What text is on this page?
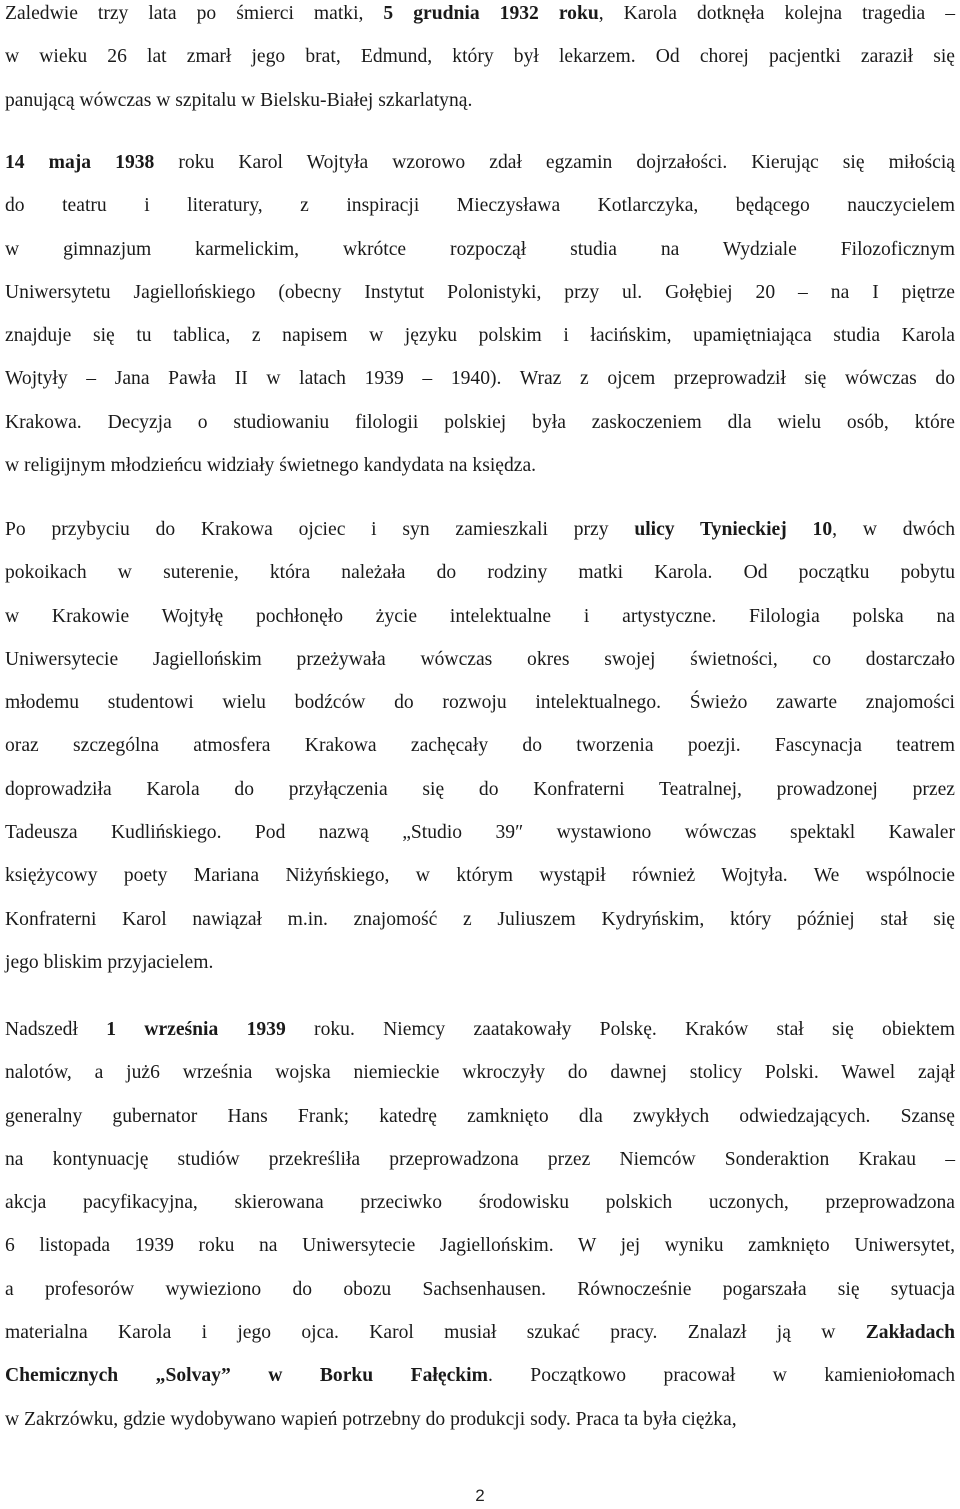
Zaledwie trzy lata po śmierci matki, 5 grudnia 1932 roku, Karola dotknęła kolejna tragedia –
w wieku 26 lat zmarł jego brat, Edmund, który był lekarzem. Od chorej pacjentki zaraził się
panującą wówczas w szpitalu w Bielsku-Białej szkarlatyną.
14 maja 1938 roku Karol Wojtyła wzorowo zdał egzamin dojrzałości. Kierując się miłością
do teatru i literatury, z inspiracji Mieczysława Kotlarczyka, będącego nauczycielem
w gimnazjum karmelickim, wkrótce rozpoczął studia na Wydziale Filozoficznym
Uniwersytetu Jagiellońskiego (obecny Instytut Polonistyki, przy ul. Gołębiej 20 – na I piętrze
znajduje się tu tablica, z napisem w języku polskim i łacińskim, upamiętniająca studia Karola
Wojtyły – Jana Pawła II w latach 1939 – 1940). Wraz z ojcem przeprowadził się wówczas do
Krakowa. Decyzja o studiowaniu filologii polskiej była zaskoczeniem dla wielu osób, które
w religijnym młodzieńcu widziały świetnego kandydata na księdza.
Po przybyciu do Krakowa ojciec i syn zamieszkali przy ulicy Tynieckiej 10, w dwóch
pokoikach w suterenie, która należała do rodziny matki Karola. Od początku pobytu
w Krakowie Wojtyłę pochłonęło życie intelektualne i artystyczne. Filologia polska na
Uniwersytecie Jagiellońskim przeżywała wówczas okres swojej świetności, co dostarczało
młodemu studentowi wielu bodźców do rozwoju intelektualnego. Świeżo zawarte znajomości
oraz szczególna atmosfera Krakowa zachęcały do tworzenia poezji. Fascynacja teatrem
doprowadziła Karola do przyłączenia się do Konfraterni Teatralnej, prowadzonej przez
Tadeusza Kudlińskiego. Pod nazwą „Studio 39″ wystawiono wówczas spektakl Kawaler
księżycowy poety Mariana Niżyńskiego, w którym wystąpił również Wojtyła. We wspólnocie
Konfraterni Karol nawiązał m.in. znajomość z Juliuszem Kydryńskim, który później stał się
jego bliskim przyjacielem.
Nadszedł 1 września 1939 roku. Niemcy zaatakowały Polskę. Kraków stał się obiektem
nalotów, a już6 września wojska niemieckie wkroczyły do dawnej stolicy Polski. Wawel zajął
generalny gubernator Hans Frank; katedrę zamknięto dla zwykłych odwiedzających. Szansę
na kontynuację studiów przekreśliła przeprowadzona przez Niemców Sonderaktion Krakau –
akcja pacyfikacyjna, skierowana przeciwko środowisku polskich uczonych, przeprowadzona
6 listopada 1939 roku na Uniwersytecie Jagiellońskim. W jej wyniku zamknięto Uniwersytet,
a profesorów wywieziono do obozu Sachsenhausen. Równocześnie pogarszała się sytuacja
materialna Karola i jego ojca. Karol musiał szukać pracy. Znalazł ją w Zakładach
Chemicznych „Solvay” w Borku Fałęckim. Początkowo pracował w kamieniołomach
w Zakrzówku, gdzie wydobywano wapień potrzebny do produkcji sody. Praca ta była ciężka,
2
